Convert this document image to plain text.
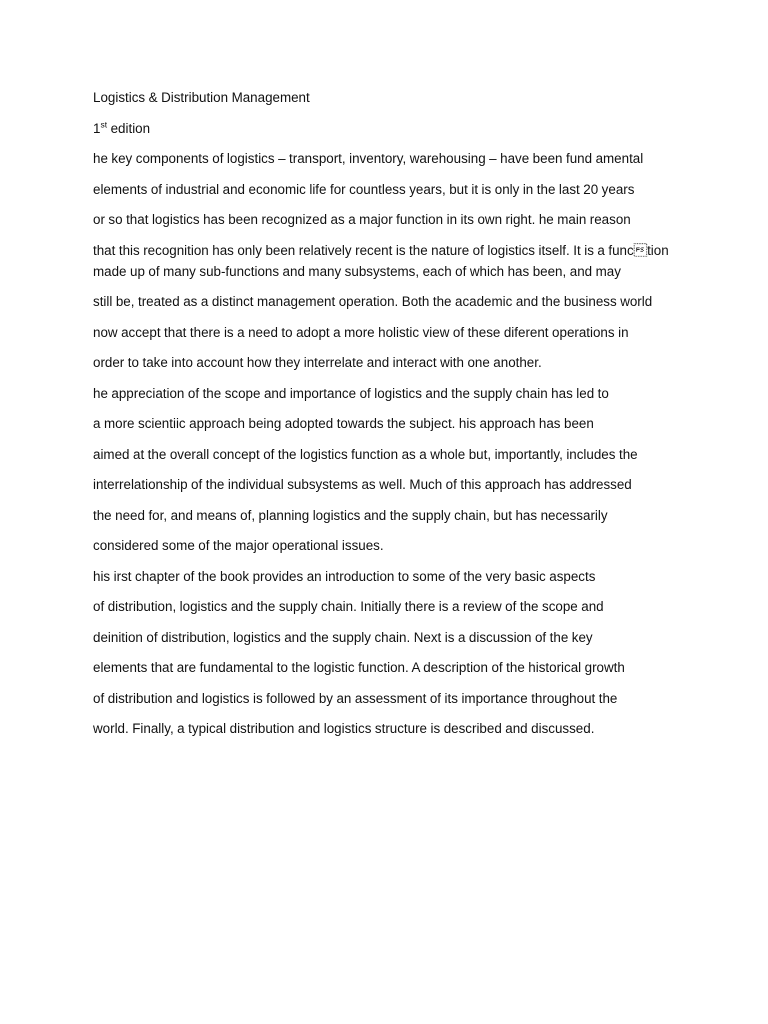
Logistics & Distribution Management

1st edition

he key components of logistics – transport, inventory, warehousing – have been fund amental

elements of industrial and economic life for countless years, but it is only in the last 20 years

or so that logistics has been recognized as a major function in its own right. he main reason

that this recognition has only been relatively recent is the nature of logistics itself. It is a function made up of many sub-functions and many subsystems, each of which has been, and may

still be, treated as a distinct management operation. Both the academic and the business world

now accept that there is a need to adopt a more holistic view of these diferent operations in

order to take into account how they interrelate and interact with one another.

he appreciation of the scope and importance of logistics and the supply chain has led to

a more scientiic approach being adopted towards the subject. his approach has been

aimed at the overall concept of the logistics function as a whole but, importantly, includes the

interrelationship of the individual subsystems as well. Much of this approach has addressed

the need for, and means of, planning logistics and the supply chain, but has necessarily

considered some of the major operational issues.

his irst chapter of the book provides an introduction to some of the very basic aspects

of distribution, logistics and the supply chain. Initially there is a review of the scope and

deinition of distribution, logistics and the supply chain. Next is a discussion of the key

elements that are fundamental to the logistic function. A description of the historical growth

of distribution and logistics is followed by an assessment of its importance throughout the

world. Finally, a typical distribution and logistics structure is described and discussed.
